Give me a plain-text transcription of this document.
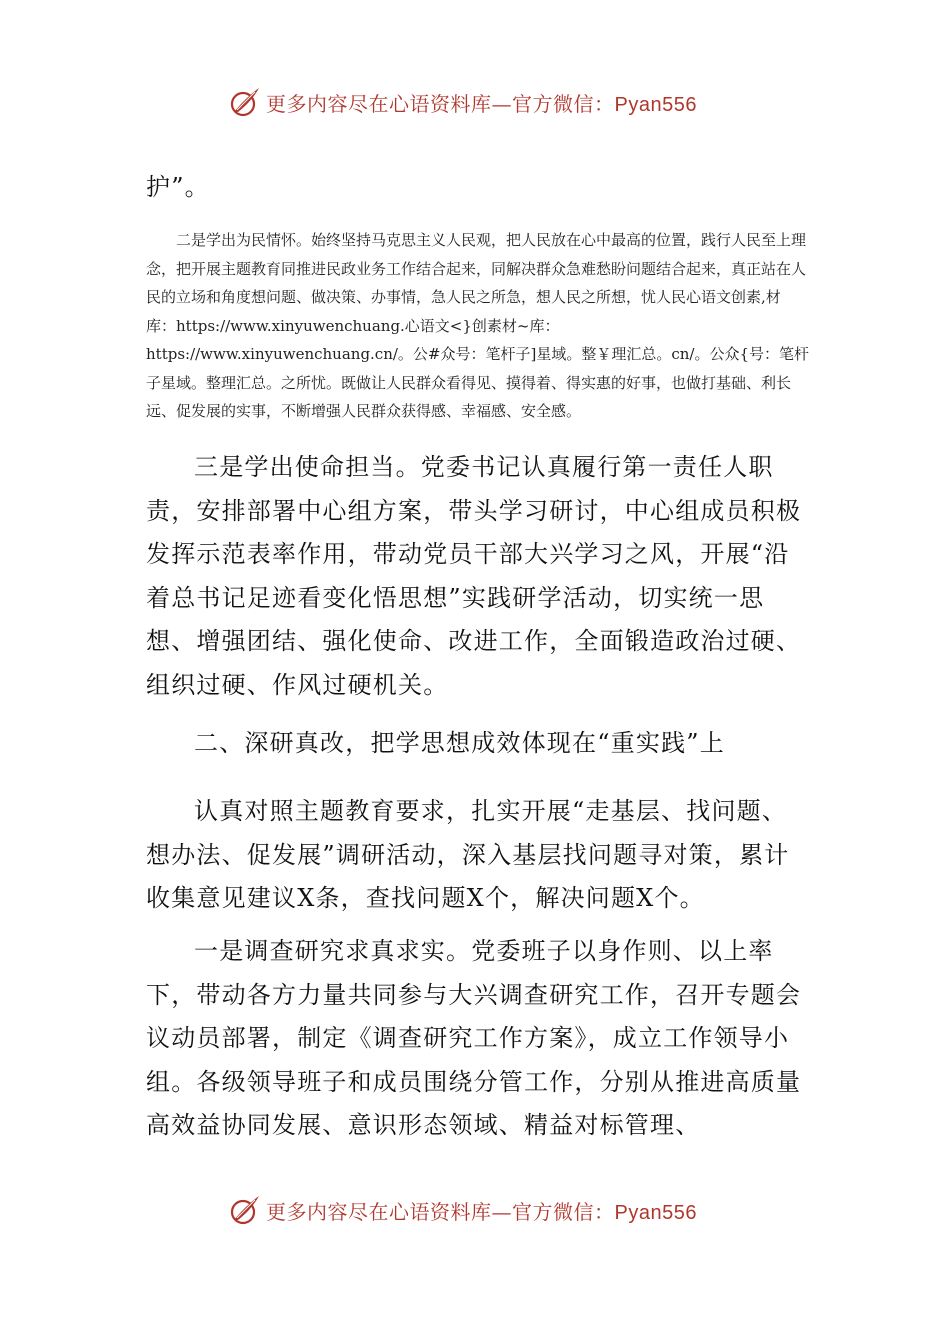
更多内容尽在心语资料库—官方微信：Pyan556
护”。
二是学出为民情怀。始终坚持马克思主义人民观，把人民放在心中最高的位置，践行人民至上理念，把开展主题教育同推进民政业务工作结合起来，同解决群众急难愁盼问题结合起来，真正站在人民的立场和角度想问题、做决策、办事情，急人民之所急，想人民之所想，忧人民心语文创素,材库：https://www.xinyuwenchuang.心语文<}创素材~库：https://www.xinyuwenchuang.cn/。公#众号：笔杆子]星域。整￥理汇总。cn/。公众{号：笔杆子星域。整理汇总。之所忧。既做让人民群众看得见、摸得着、得实惠的好事，也做打基础、利长远、促发展的实事，不断增强人民群众获得感、幸福感、安全感。
三是学出使命担当。党委书记认真履行第一责任人职责，安排部署中心组方案，带头学习研讨，中心组成员积极发挥示范表率作用，带动党员干部大兴学习之风，开展“沿着总书记足迹看变化悟思想”实践研学活动，切实统一思想、增强团结、强化使命、改进工作，全面锻造政治过硬、组织过硬、作风过硬机关。
二、深研真改，把学思想成效体现在“重实践”上
认真对照主题教育要求，扎实开展“走基层、找问题、想办法、促发展”调研活动，深入基层找问题寻对策，累计收集意见建议X条，查找问题X个，解决问题X个。
一是调查研究求真求实。党委班子以身作则、以上率下，带动各方力量共同参与大兴调查研究工作，召开专题会议动员部署，制定《调查研究工作方案》，成立工作领导小组。各级领导班子和成员围绕分管工作，分别从推进高质量高效益协同发展、意识形态领域、精益对标管理、
更多内容尽在心语资料库—官方微信：Pyan556
